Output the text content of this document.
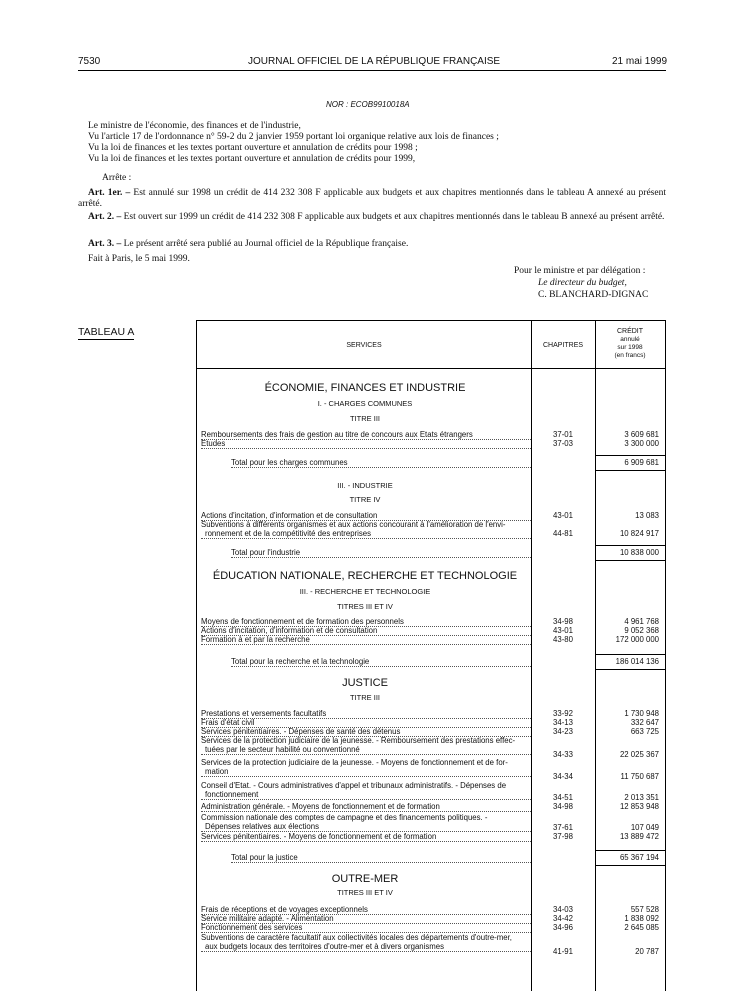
7530	JOURNAL OFFICIEL DE LA RÉPUBLIQUE FRANÇAISE	21 mai 1999
NOR : ECOB9910018A
Le ministre de l'économie, des finances et de l'industrie,
Vu l'article 17 de l'ordonnance n° 59-2 du 2 janvier 1959 portant loi organique relative aux lois de finances ;
Vu la loi de finances et les textes portant ouverture et annulation de crédits pour 1998 ;
Vu la loi de finances et les textes portant ouverture et annulation de crédits pour 1999,
Arrête :
Art. 1er. – Est annulé sur 1998 un crédit de 414 232 308 F applicable aux budgets et aux chapitres mentionnés dans le tableau A annexé au présent arrêté.
Art. 2. – Est ouvert sur 1999 un crédit de 414 232 308 F applicable aux budgets et aux chapitres mentionnés dans le tableau B annexé au présent arrêté.
Art. 3. – Le présent arrêté sera publié au Journal officiel de la République française.
Fait à Paris, le 5 mai 1999.
Pour le ministre et par délégation :
Le directeur du budget,
C. BLANCHARD-DIGNAC
TABLEAU A
SERVICES	CHAPITRES
CRÉDIT
annulé
sur 1998
(en francs)
ÉCONOMIE, FINANCES ET INDUSTRIE
I. - CHARGES COMMUNES
TITRE III
Remboursements des frais de gestion au titre de concours aux Etats étrangers	37-01	3 609 681
Etudes	37-03	3 300 000
Total pour les charges communes	6 909 681
III. - INDUSTRIE
TITRE IV
Actions d'incitation, d'information et de consultation	43-01	13 083
Subventions à différents organismes et aux actions concourant à l'amélioration de l'envi-
ronnement et de la compétitivité des entreprises	44-81	10 824 917
Total pour l'industrie	10 838 000
ÉDUCATION NATIONALE, RECHERCHE ET TECHNOLOGIE
III. - RECHERCHE ET TECHNOLOGIE
TITRES III ET IV
Moyens de fonctionnement et de formation des personnels	34-98	4 961 768
Actions d'incitation, d'information et de consultation	43-01	9 052 368
Formation à et par la recherche	43-80	172 000 000
Total pour la recherche et la technologie	186 014 136
JUSTICE
TITRE III
Prestations et versements facultatifs	33-92	1 730 948
Frais d'état civil	34-13	332 647
Services pénitentiaires. - Dépenses de santé des détenus	34-23	663 725
Services de la protection judiciaire de la jeunesse. - Remboursement des prestations effec-
tuées par le secteur habilité ou conventionné
34-33	22 025 367
Services de la protection judiciaire de la jeunesse. - Moyens de fonctionnement et de for-
mation
34-34	11 750 687
Conseil d'Etat. - Cours administratives d'appel et tribunaux administratifs. - Dépenses de
fonctionnement	34-51	2 013 351
Administration générale. - Moyens de fonctionnement et de formation	34-98	12 853 948
Commission nationale des comptes de campagne et des financements politiques. -
Dépenses relatives aux élections	37-61	107 049
Services pénitentiaires. - Moyens de fonctionnement et de formation	37-98	13 889 472
Total pour la justice	65 367 194
OUTRE-MER
TITRES III ET IV
Frais de réceptions et de voyages exceptionnels	34-03	557 528
Service militaire adapté. - Alimentation	34-42	1 838 092
Fonctionnement des services	34-96	2 645 085
Subventions de caractère facultatif aux collectivités locales des départements d'outre-mer,
aux budgets locaux des territoires d'outre-mer et à divers organismes
41-91	20 787
